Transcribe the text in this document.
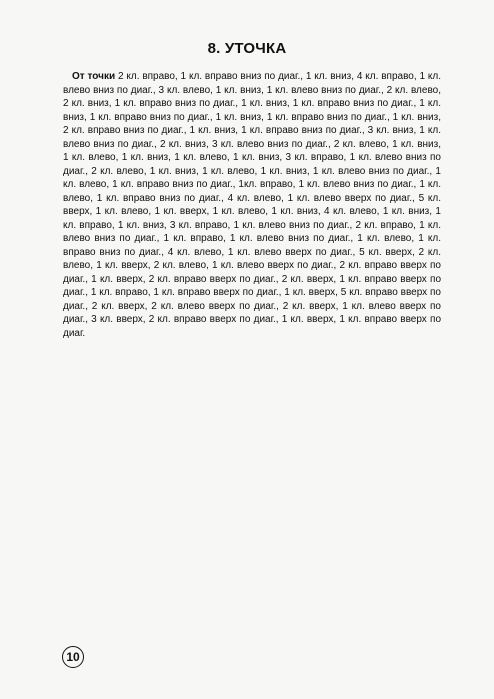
8. УТОЧКА

От точки 2 кл. вправо, 1 кл. вправо вниз по диаг., 1 кл. вниз, 4 кл. вправо, 1 кл. влево вниз по диаг., 3 кл. влево, 1 кл. вниз, 1 кл. влево вниз по диаг., 2 кл. влево, 2 кл. вниз, 1 кл. вправо вниз по диаг., 1 кл. вниз, 1 кл. вправо вниз по диаг., 1 кл. вниз, 1 кл. вправо вниз по диаг., 1 кл. вниз, 1 кл. вправо вниз по диаг., 1 кл. вниз, 2 кл. вправо вниз по диаг., 1 кл. вниз, 1 кл. вправо вниз по диаг., 3 кл. вниз, 1 кл. влево вниз по диаг., 2 кл. вниз, 3 кл. влево вниз по диаг., 2 кл. влево, 1 кл. вниз, 1 кл. влево, 1 кл. вниз, 1 кл. влево, 1 кл. вниз, 3 кл. вправо, 1 кл. влево вниз по диаг., 2 кл. влево, 1 кл. вниз, 1 кл. влево, 1 кл. вниз, 1 кл. влево вниз по диаг., 1 кл. влево, 1 кл. вправо вниз по диаг., 1кл. вправо, 1 кл. влево вниз по диаг., 1 кл. влево, 1 кл. вправо вниз по диаг., 4 кл. влево, 1 кл. влево вверх по диаг., 5 кл. вверх, 1 кл. влево, 1 кл. вверх, 1 кл. влево, 1 кл. вниз, 4 кл. влево, 1 кл. вниз, 1 кл. вправо, 1 кл. вниз, 3 кл. вправо, 1 кл. влево вниз по диаг., 2 кл. вправо, 1 кл. влево вниз по диаг., 1 кл. вправо, 1 кл. влево вниз по диаг., 1 кл. влево, 1 кл. вправо вниз по диаг., 4 кл. влево, 1 кл. влево вверх по диаг., 5 кл. вверх, 2 кл. влево, 1 кл. вверх, 2 кл. влево, 1 кл. влево вверх по диаг., 2 кл. вправо вверх по диаг., 1 кл. вверх, 2 кл. вправо вверх по диаг., 2 кл. вверх, 1 кл. вправо вверх по диаг., 1 кл. вправо, 1 кл. вправо вверх по диаг., 1 кл. вверх, 5 кл. вправо вверх по диаг., 2 кл. вверх, 2 кл. влево вверх по диаг., 2 кл. вверх, 1 кл. влево вверх по диаг., 3 кл. вверх, 2 кл. вправо вверх по диаг., 1 кл. вверх, 1 кл. вправо вверх по диаг.

10
